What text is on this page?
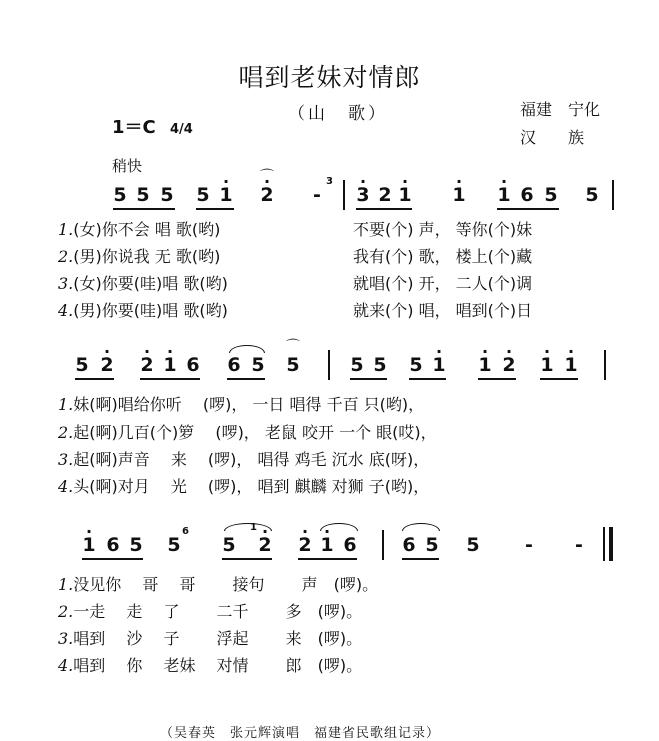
唱到老妹对情郎
（山　歌）	福建　宁化
汉　　族
1＝C 4/4
稍快
5 5 5 5 · 1 · 2
⌒
-
3
· 3 2 · 1 · 1 · 1 6 5 5
1.(女)你不会 唱 歌(哟)	不要(个) 声， 等你(个)妹
2.(男)你说我 无 歌(哟)	我有(个) 歌， 楼上(个)藏
3.(女)你要(哇)唱 歌(哟)	就唱(个) 开， 二人(个)调
4.(男)你要(哇)唱 歌(哟)	就来(个) 唱， 唱到(个)日
5 · 2 · 2 · 1 6 6 5 5
⌒
5 5 5 · 1 · 1 · 2 · 1 · 1
1.妹(啊)唱给你听 　(啰)， 一日 唱得 千百 只(哟)，
2.起(啊)几百(个)箩 　(啰)， 老鼠 咬开 一个 眼(哎)，
3.起(啊)声音 　来 　(啰)， 唱得 鸡毛 沉水 底(呀)，
4.头(啊)对月 　光 　(啰)， 唱到 麒麟 对狮 子(哟)，
· 1 6 5 5
6
5
1
· 2 · 2 · 1 6 6 5 5 - -
1.没见你 　哥　 哥　　 接句　　 声　(啰)。
2.一走 　走 　了　　 二千　　 多　(啰)。
3.唱到 　沙 　子　　 浮起　　 来　(啰)。
4.唱到 　你 　老妹 　对情　　 郎　(啰)。
（吴春英　张元辉演唱　福建省民歌组记录）
